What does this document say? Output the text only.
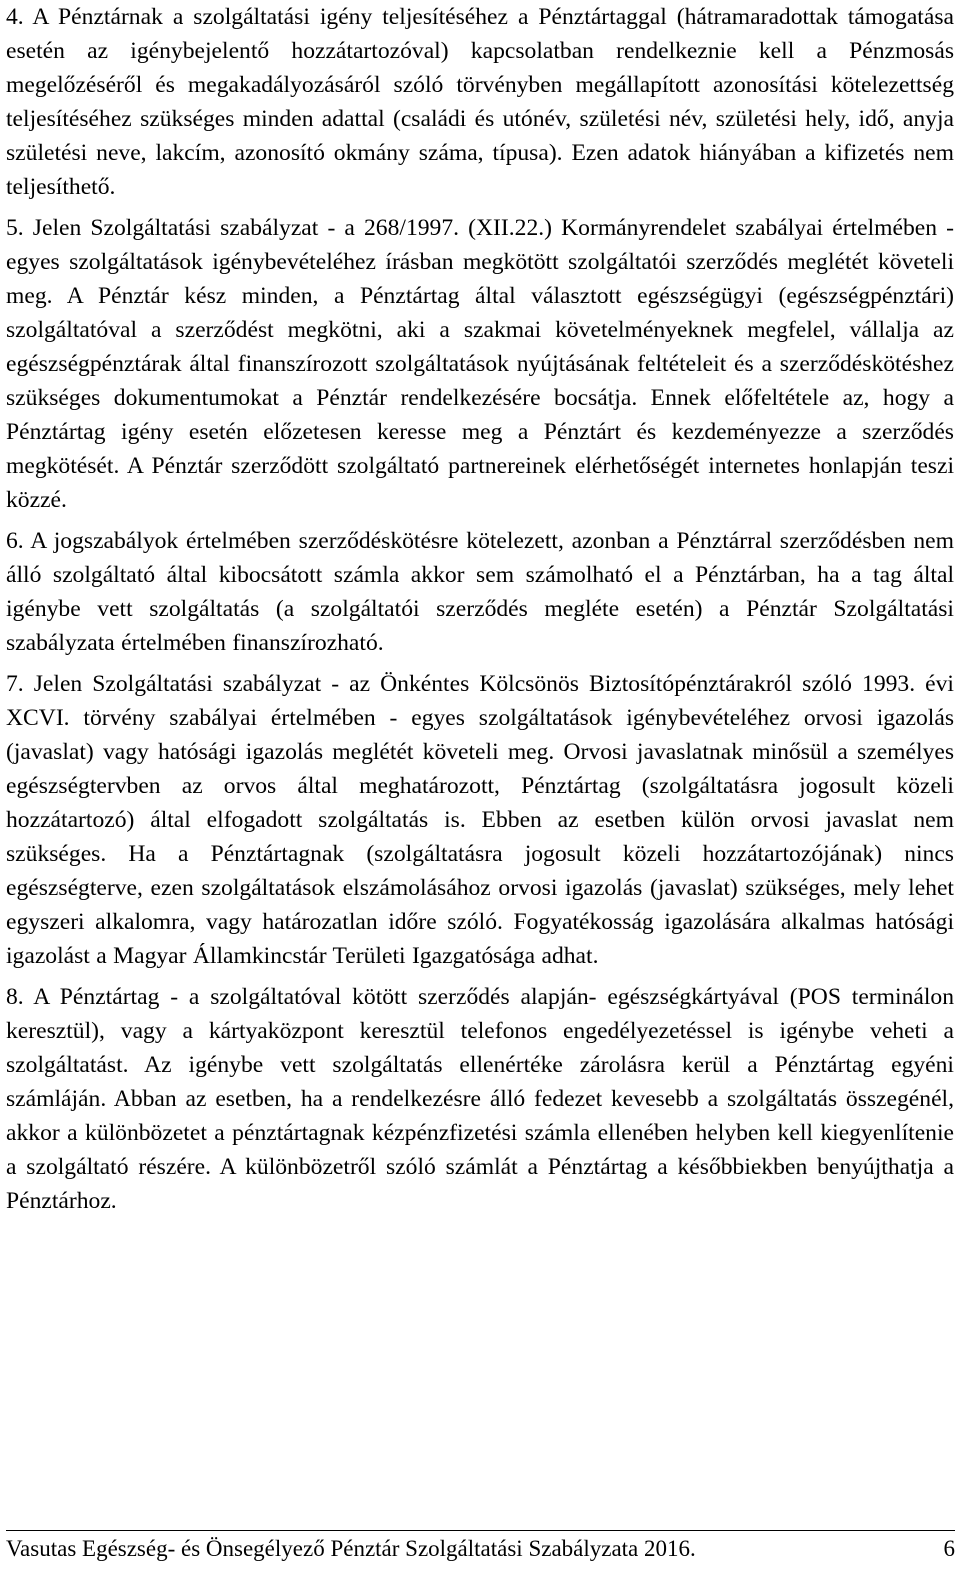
4. A Pénztárnak a szolgáltatási igény teljesítéséhez a Pénztártaggal (hátramaradottak támogatása esetén az igénybejelentő hozzátartozóval) kapcsolatban rendelkeznie kell a Pénzmosás megelőzéséről és megakadályozásáról szóló törvényben megállapított azonosítási kötelezettség teljesítéséhez szükséges minden adattal (családi és utónév, születési név, születési hely, idő, anyja születési neve, lakcím, azonosító okmány száma, típusa). Ezen adatok hiányában a kifizetés nem teljesíthető.

5. Jelen Szolgáltatási szabályzat - a 268/1997. (XII.22.) Kormányrendelet szabályai értelmében - egyes szolgáltatások igénybevételéhez írásban megkötött szolgáltatói szerződés meglétét követeli meg. A Pénztár kész minden, a Pénztártag által választott egészségügyi (egészségpénztári) szolgáltatóval a szerződést megkötni, aki a szakmai követelményeknek megfelel, vállalja az egészségpénztárak által finanszírozott szolgáltatások nyújtásának feltételeit és a szerződéskötéshez szükséges dokumentumokat a Pénztár rendelkezésére bocsátja. Ennek előfeltétele az, hogy a Pénztártag igény esetén előzetesen keresse meg a Pénztárt és kezdeményezze a szerződés megkötését. A Pénztár szerződött szolgáltató partnereinek elérhetőségét internetes honlapján teszi közzé.

6. A jogszabályok értelmében szerződéskötésre kötelezett, azonban a Pénztárral szerződésben nem álló szolgáltató által kibocsátott számla akkor sem számolható el a Pénztárban, ha a tag által igénybe vett szolgáltatás (a szolgáltatói szerződés megléte esetén) a Pénztár Szolgáltatási szabályzata értelmében finanszírozható.

7. Jelen Szolgáltatási szabályzat - az Önkéntes Kölcsönös Biztosítópénztárakról szóló 1993. évi XCVI. törvény szabályai értelmében - egyes szolgáltatások igénybevételéhez orvosi igazolás (javaslat) vagy hatósági igazolás meglétét követeli meg. Orvosi javaslatnak minősül a személyes egészségtervben az orvos által meghatározott, Pénztártag (szolgáltatásra jogosult közeli hozzátartozó) által elfogadott szolgáltatás is. Ebben az esetben külön orvosi javaslat nem szükséges. Ha a Pénztártagnak (szolgáltatásra jogosult közeli hozzátartozójának) nincs egészségterve, ezen szolgáltatások elszámolásához orvosi igazolás (javaslat) szükséges, mely lehet egyszeri alkalomra, vagy határozatlan időre szóló. Fogyatékosság igazolására alkalmas hatósági igazolást a Magyar Államkincstár Területi Igazgatósága adhat.

8. A Pénztártag - a szolgáltatóval kötött szerződés alapján- egészségkártyával (POS terminálon keresztül), vagy a kártyaközpont keresztül telefonos engedélyezetéssel is igénybe veheti a szolgáltatást. Az igénybe vett szolgáltatás ellenértéke zárolásra kerül a Pénztártag egyéni számláján. Abban az esetben, ha a rendelkezésre álló fedezet kevesebb a szolgáltatás összegénél, akkor a különbözetet a pénztártagnak kézpénzfizetési számla ellenében helyben kell kiegyenlítenie a szolgáltató részére. A különbözetről szóló számlát a Pénztártag a későbbiekben benyújthatja a Pénztárhoz.

Vasutas Egészség- és Önsegélyező Pénztár Szolgáltatási Szabályzata 2016.	6
